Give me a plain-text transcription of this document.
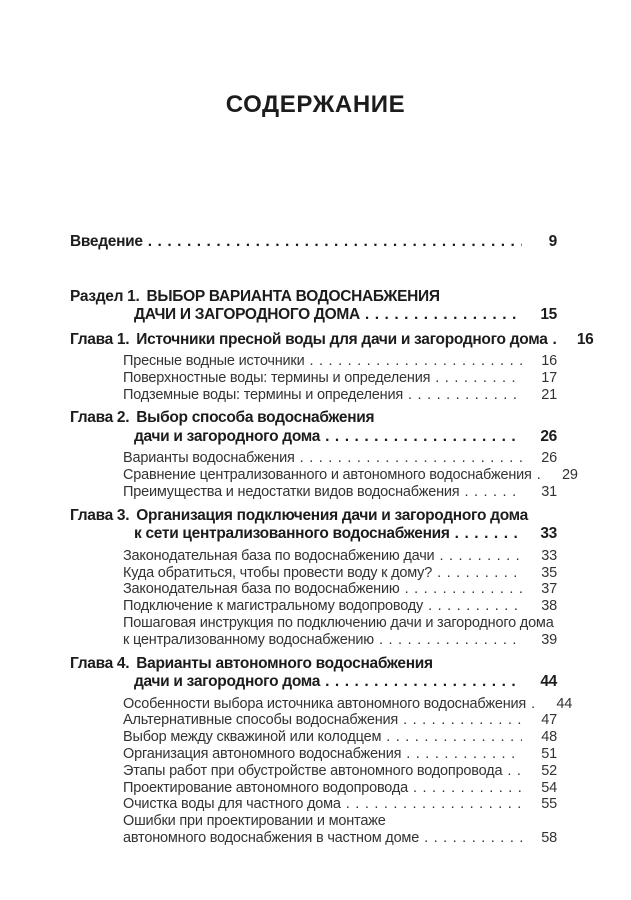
СОДЕРЖАНИЕ
Введение .....	9
Раздел 1. ВЫБОР ВАРИАНТА ВОДОСНАБЖЕНИЯ
ДАЧИ И ЗАГОРОДНОГО ДОМА .....	15
Глава 1. Источники пресной воды для дачи и загородного дома .....	16
Пресные водные источники .....	16
Поверхностные воды: термины и определения .....	17
Подземные воды: термины и определения .....	21
Глава 2. Выбор способа водоснабжения
дачи и загородного дома .....	26
Варианты водоснабжения .....	26
Сравнение централизованного и автономного водоснабжения .....	29
Преимущества и недостатки видов водоснабжения .....	31
Глава 3. Организация подключения дачи и загородного дома
к сети централизованного водоснабжения .....	33
Законодательная база по водоснабжению дачи .....	33
Куда обратиться, чтобы провести воду к дому? .....	35
Законодательная база по водоснабжению .....	37
Подключение к магистральному водопроводу .....	38
Пошаговая инструкция по подключению дачи и загородного дома
к централизованному водоснабжению .....	39
Глава 4. Варианты автономного водоснабжения
дачи и загородного дома .....	44
Особенности выбора источника автономного водоснабжения .....	44
Альтернативные способы водоснабжения .....	47
Выбор между скважиной или колодцем .....	48
Организация автономного водоснабжения .....	51
Этапы работ при обустройстве автономного водопровода .....	52
Проектирование автономного водопровода .....	54
Очистка воды для частного дома .....	55
Ошибки при проектировании и монтаже
автономного водоснабжения в частном доме .....	58
